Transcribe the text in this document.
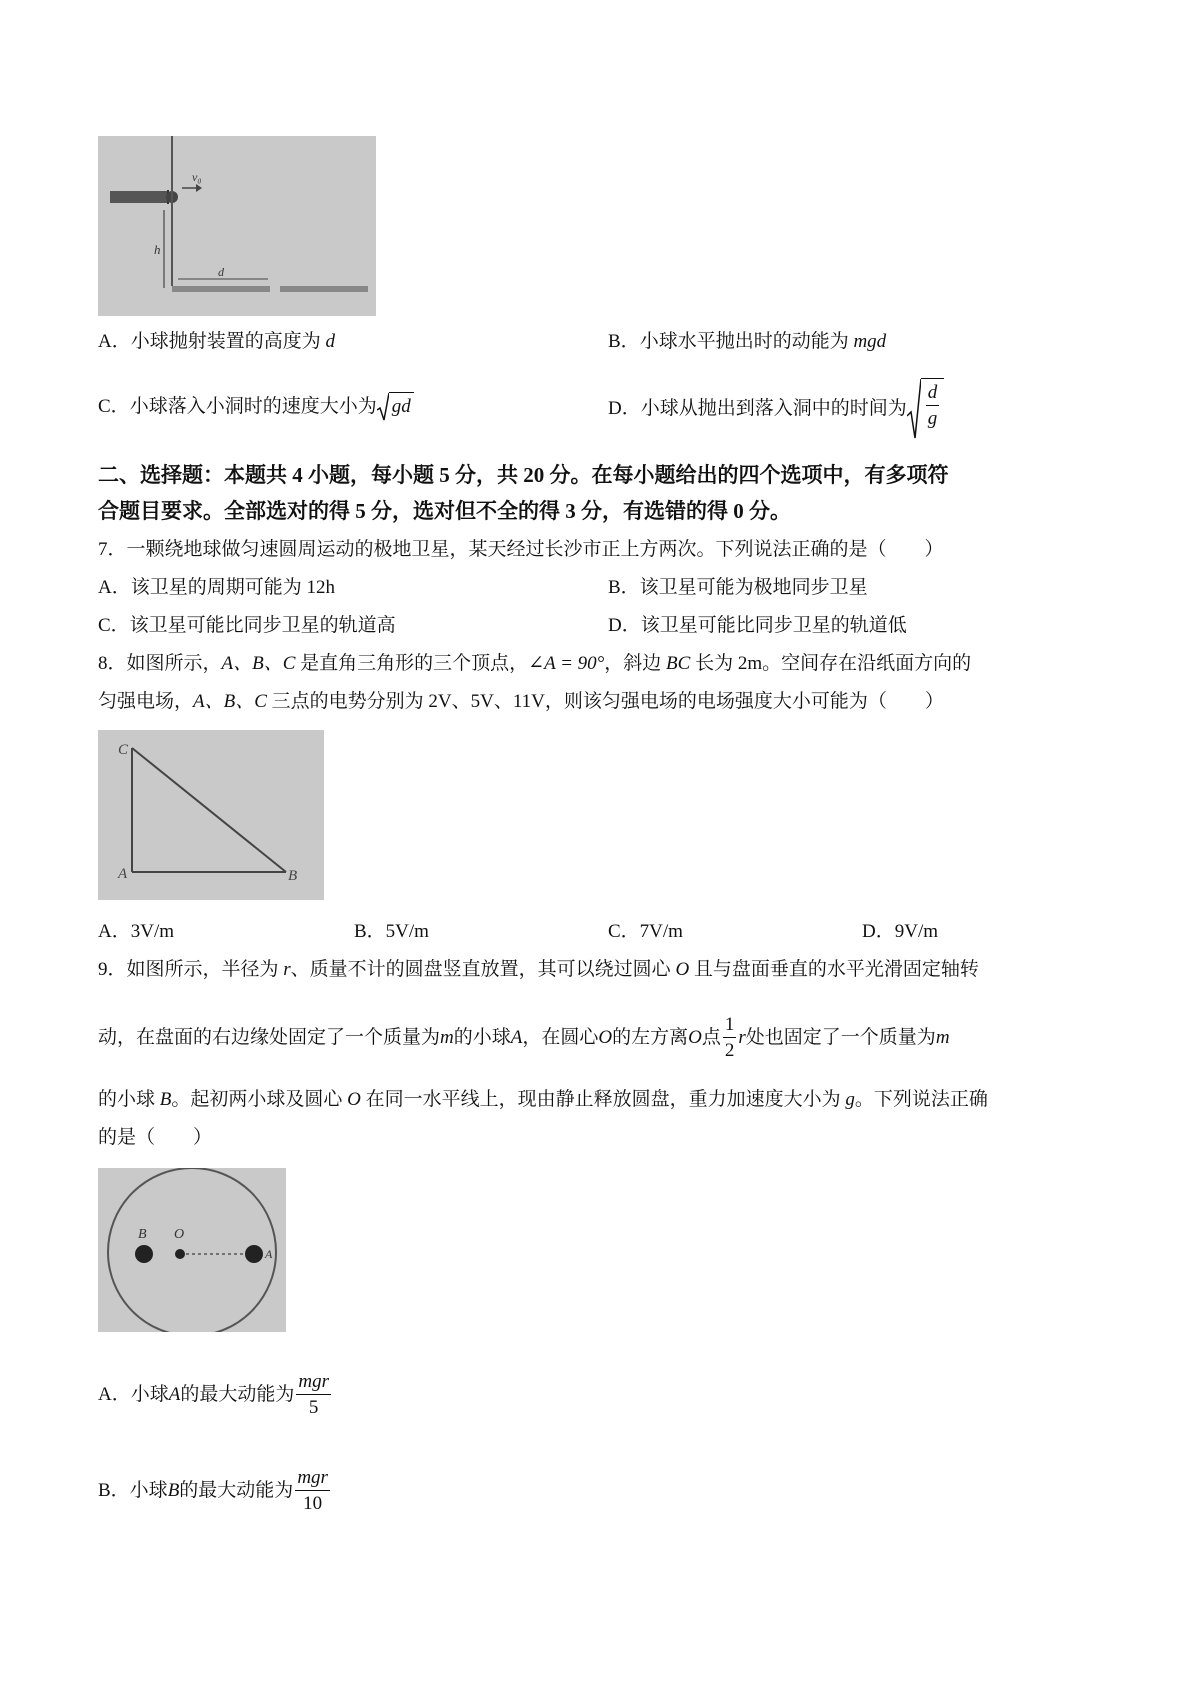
v₀
h
d
A．小球抛射装置的高度为 d	B．小球水平抛出时的动能为 mgd
C． 小球落入小洞时的速度大小为 gd	D． 小球从抛出到落入洞中的时间为 $\frac{d}{g}$
二、选择题：本题共 4 小题，每小题 5 分，共 20 分。在每小题给出的四个选项中，有多项符
合题目要求。全部选对的得 5 分，选对但不全的得 3 分，有选错的得 0 分。
7．一颗绕地球做匀速圆周运动的极地卫星，某天经过长沙市正上方两次。下列说法正确的是（　　）
A．该卫星的周期可能为 12h	B．该卫星可能为极地同步卫星
C．该卫星可能比同步卫星的轨道高	D．该卫星可能比同步卫星的轨道低
8．如图所示，A、B、C 是直角三角形的三个顶点，∠A = 90°，斜边 BC 长为 2m。空间存在沿纸面方向的
匀强电场，A、B、C 三点的电势分别为 2V、5V、11V，则该匀强电场的电场强度大小可能为（　　）
C
A	B
A．3V/m	B．5V/m	C．7V/m	D．9V/m
9．如图所示，半径为 r、质量不计的圆盘竖直放置，其可以绕过圆心 O 且与盘面垂直的水平光滑固定轴转
动，在盘面的右边缘处固定了一个质量为 m 的小球 A ，在圆心 O 的左方离 O 点 $\frac{1}{2}$ r 处也固定了一个质量为 m
的小球 B。起初两小球及圆心 O 在同一水平线上，现由静止释放圆盘，重力加速度大小为 g。下列说法正确
的是（　　）
B O
A
A．小球 A 的最大动能为 $\frac{\text{mgr}}{5}$
B．小球 B 的最大动能为 $\frac{\text{mgr}}{10}$
